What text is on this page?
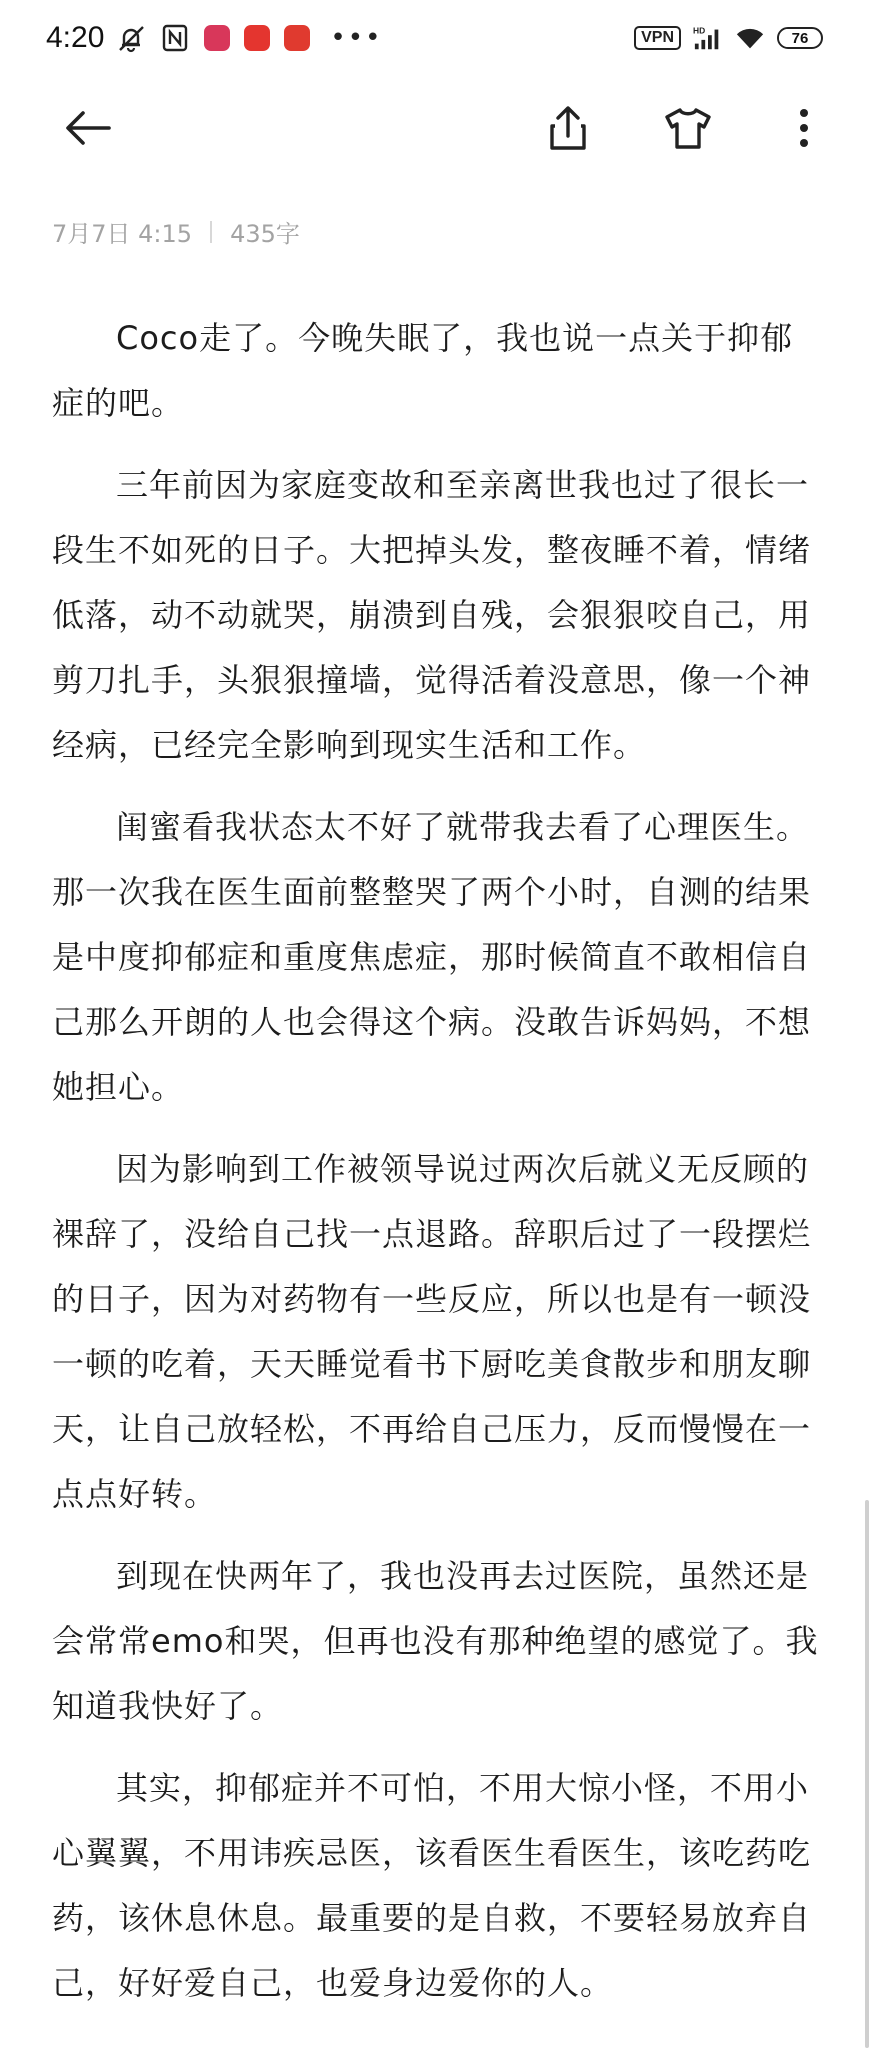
4:20	•••	VPN	HD	76
7月7日 4:15 435字

Coco走了。今晚失眠了，我也说一点关于抑郁症的吧。

三年前因为家庭变故和至亲离世我也过了很长一段生不如死的日子。大把掉头发，整夜睡不着，情绪低落，动不动就哭，崩溃到自残，会狠狠咬自己，用剪刀扎手，头狠狠撞墙，觉得活着没意思，像一个神经病，已经完全影响到现实生活和工作。

闺蜜看我状态太不好了就带我去看了心理医生。那一次我在医生面前整整哭了两个小时，自测的结果是中度抑郁症和重度焦虑症，那时候简直不敢相信自己那么开朗的人也会得这个病。没敢告诉妈妈，不想她担心。

因为影响到工作被领导说过两次后就义无反顾的裸辞了，没给自己找一点退路。辞职后过了一段摆烂的日子，因为对药物有一些反应，所以也是有一顿没一顿的吃着，天天睡觉看书下厨吃美食散步和朋友聊天，让自己放轻松，不再给自己压力，反而慢慢在一点点好转。

到现在快两年了，我也没再去过医院，虽然还是会常常emo和哭，但再也没有那种绝望的感觉了。我知道我快好了。

其实，抑郁症并不可怕，不用大惊小怪，不用小心翼翼，不用讳疾忌医，该看医生看医生，该吃药吃药，该休息休息。最重要的是自救，不要轻易放弃自己，好好爱自己，也爱身边爱你的人。
